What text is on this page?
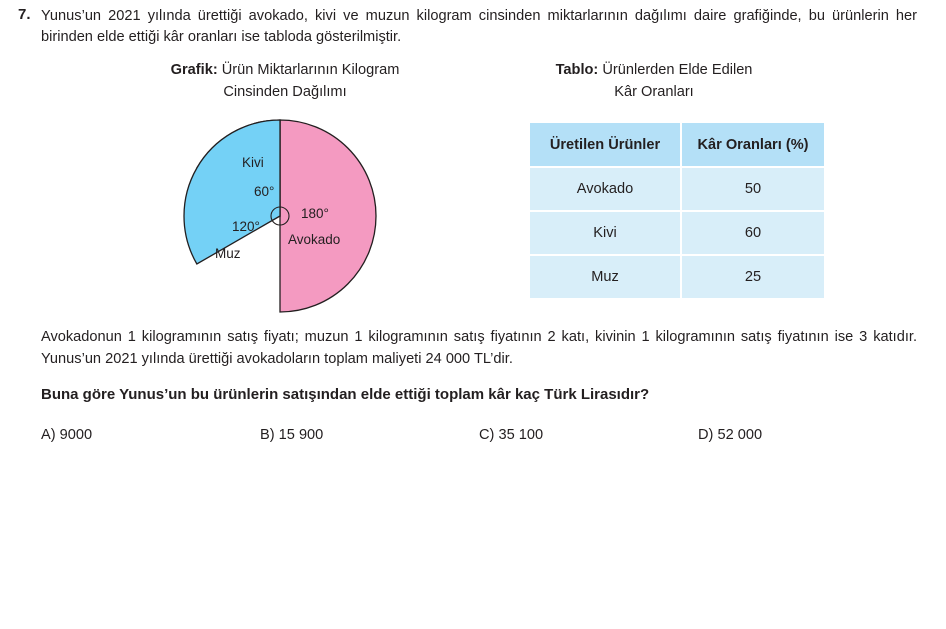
7. Yunus’un 2021 yılında ürettiği avokado, kivi ve muzun kilogram cinsinden miktarlarının dağılımı daire grafiğinde, bu ürünlerin her birinden elde ettiği kâr oranları ise tabloda gösterilmiştir.
Grafik: Ürün Miktarlarının Kilogram
Cinsinden Dağılımı
Tablo: Ürünlerden Elde Edilen
Kâr Oranları
Avokado
180°
Kivi
60°
Muz
120°
Üretilen Ürünler	Kâr Oranları (%)
Avokado	50
Kivi	60
Muz	25
Avokadonun 1 kilogramının satış fiyatı; muzun 1 kilogramının satış fiyatının 2 katı, kivinin 1 kilogramının satış fiyatının ise 3 katıdır. Yunus’un 2021 yılında ürettiği avokadoların toplam maliyeti 24 000 TL’dir.
Buna göre Yunus’un bu ürünlerin satışından elde ettiği toplam kâr kaç Türk Lirasıdır?
A) 9000	B) 15 900	C) 35 100	D) 52 000
